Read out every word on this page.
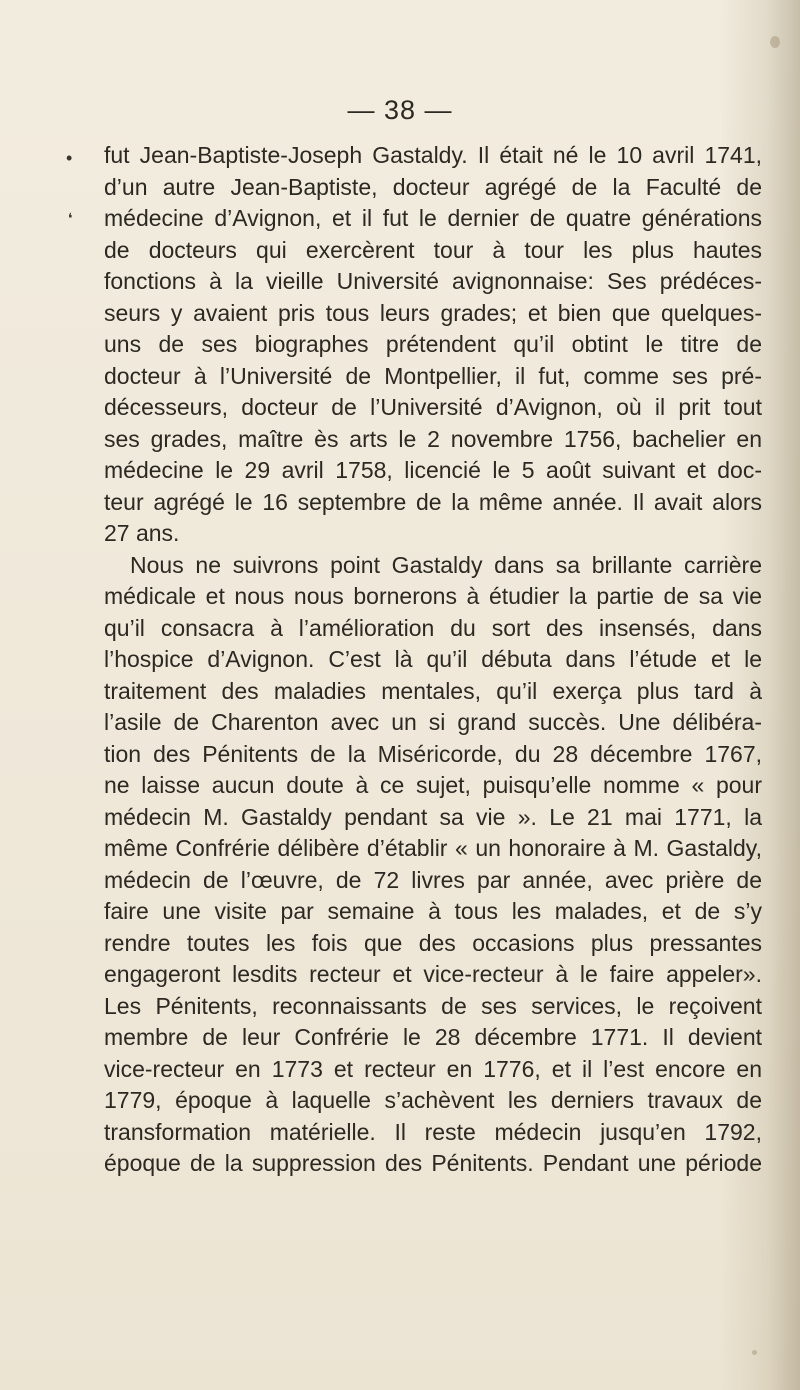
— 38 —
•
❛
fut Jean-Baptiste-Joseph Gastaldy. Il était né le 10 avril 1741,
d’un autre Jean-Baptiste, docteur agrégé de la Faculté de
médecine d’Avignon, et il fut le dernier de quatre générations
de docteurs qui exercèrent tour à tour les plus hautes
fonctions à la vieille Université avignonnaise: Ses prédéces-
seurs y avaient pris tous leurs grades; et bien que quelques-
uns de ses biographes prétendent qu’il obtint le titre de
docteur à l’Université de Montpellier, il fut, comme ses pré-
décesseurs, docteur de l’Université d’Avignon, où il prit tout
ses grades, maître ès arts le 2 novembre 1756, bachelier en
médecine le 29 avril 1758, licencié le 5 août suivant et doc-
teur agrégé le 16 septembre de la même année. Il avait alors
27 ans.
Nous ne suivrons point Gastaldy dans sa brillante carrière
médicale et nous nous bornerons à étudier la partie de sa vie
qu’il consacra à l’amélioration du sort des insensés, dans
l’hospice d’Avignon. C’est là qu’il débuta dans l’étude et le
traitement des maladies mentales, qu’il exerça plus tard à
l’asile de Charenton avec un si grand succès. Une délibéra-
tion des Pénitents de la Miséricorde, du 28 décembre 1767,
ne laisse aucun doute à ce sujet, puisqu’elle nomme « pour
médecin M. Gastaldy pendant sa vie ». Le 21 mai 1771, la
même Confrérie délibère d’établir « un honoraire à M. Gastaldy,
médecin de l’œuvre, de 72 livres par année, avec prière de
faire une visite par semaine à tous les malades, et de s’y
rendre toutes les fois que des occasions plus pressantes
engageront lesdits recteur et vice-recteur à le faire appeler».
Les Pénitents, reconnaissants de ses services, le reçoivent
membre de leur Confrérie le 28 décembre 1771. Il devient
vice-recteur en 1773 et recteur en 1776, et il l’est encore en
1779, époque à laquelle s’achèvent les derniers travaux de
transformation matérielle. Il reste médecin jusqu’en 1792,
époque de la suppression des Pénitents. Pendant une période
